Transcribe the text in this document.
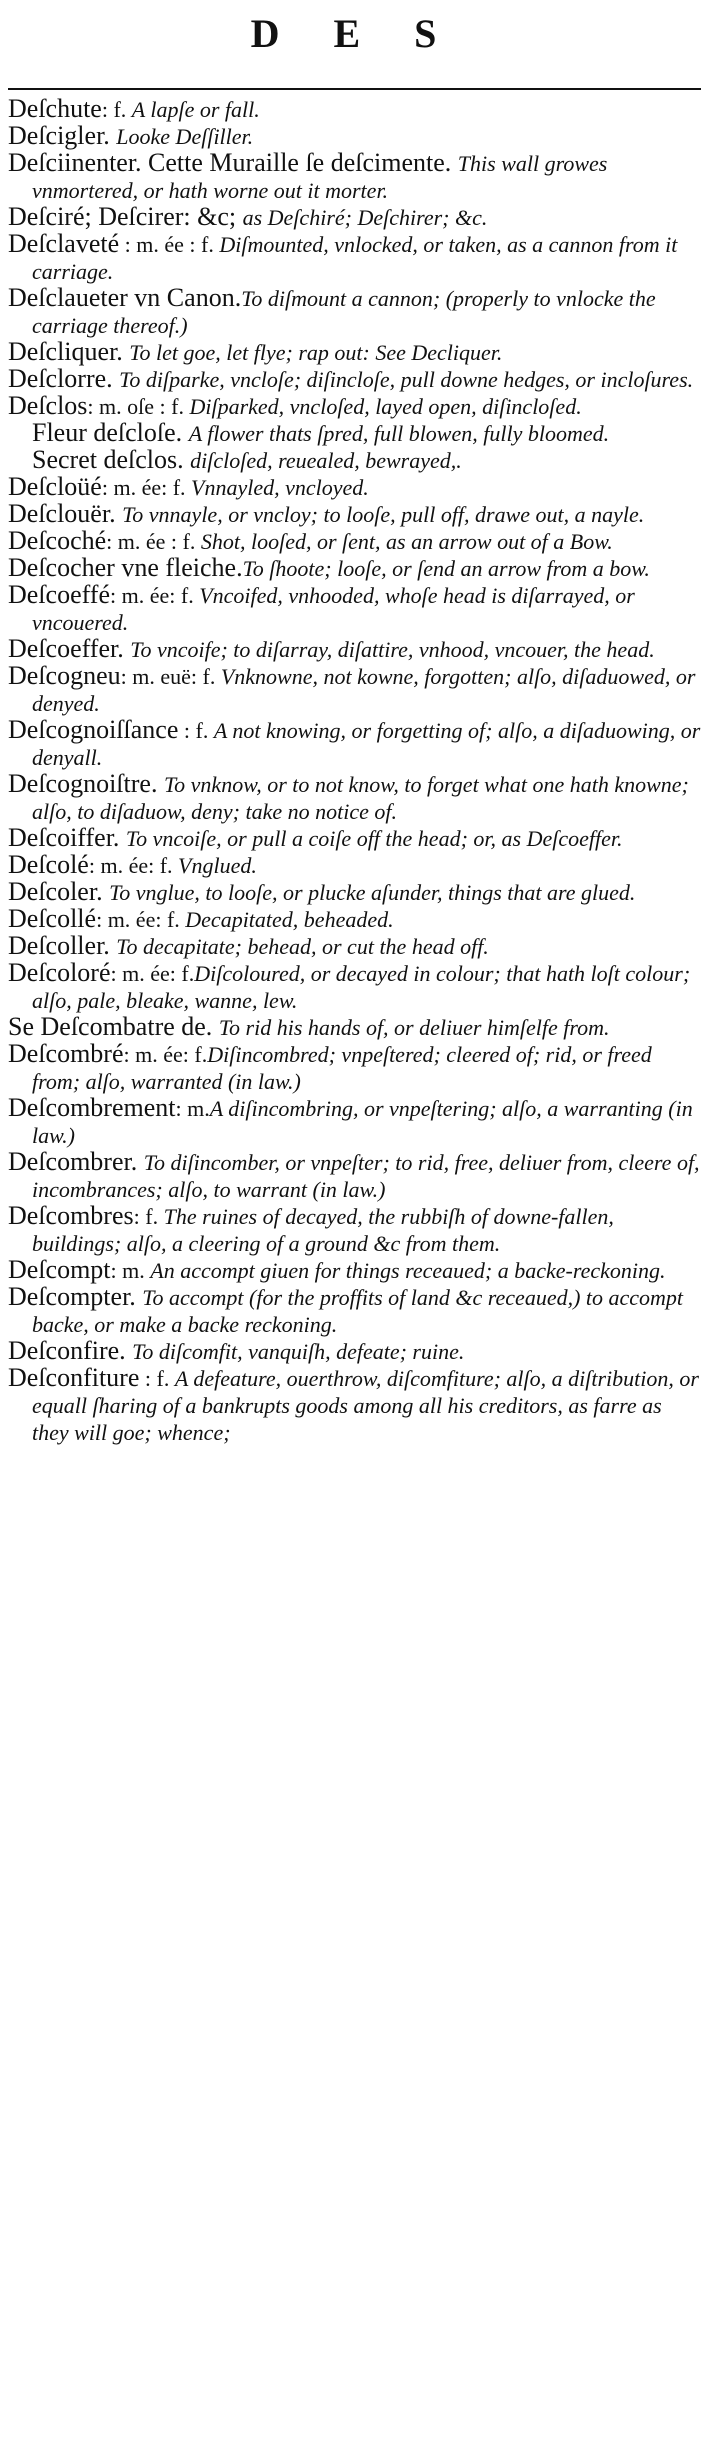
D E S

Deſchute: f. A lapſe or fall.

Deſcigler. Looke Deſſiller.

Deſciinenter. Cette Muraille ſe deſcimente. This wall growes vnmortered, or hath worne out it morter.

Deſciré; Deſcirer: &c; as Deſchiré; Deſchirer; &c.

Deſclaveté : m. ée : f. Diſmounted, vnlocked, or taken, as a cannon from it carriage.

Deſclaueter vn Canon.To diſmount a cannon; (properly to vnlocke the carriage thereof.)

Deſcliquer. To let goe, let flye; rap out: See Decliquer.

Deſclorre. To diſparke, vncloſe; diſincloſe, pull downe hedges, or incloſures.

Deſclos: m. oſe : f. Diſparked, vncloſed, layed open, diſincloſed.

Fleur deſcloſe. A flower thats ſpred, full blowen, fully bloomed.

Secret deſclos. diſcloſed, reuealed, bewrayed,.

Deſcloüé: m. ée: f. Vnnayled, vncloyed.

Deſclouër. To vnnayle, or vncloy; to looſe, pull off, drawe out, a nayle.

Deſcoché: m. ée : f. Shot, looſed, or ſent, as an arrow out of a Bow.

Deſcocher vne fleiche.To ſhoote; looſe, or ſend an arrow from a bow.

Deſcoeffé: m. ée: f. Vncoifed, vnhooded, whoſe head is diſarrayed, or vncouered.

Deſcoeffer. To vncoife; to diſarray, diſattire, vnhood, vncouer, the head.

Deſcogneu: m. euë: f. Vnknowne, not kowne, forgotten; alſo, diſaduowed, or denyed.

Deſcognoiſſance : f. A not knowing, or forgetting of; alſo, a diſaduowing, or denyall.

Deſcognoiſtre. To vnknow, or to not know, to forget what one hath knowne; alſo, to diſaduow, deny; take no notice of.

Deſcoiffer. To vncoiſe, or pull a coiſe off the head; or, as Deſcoeffer.

Deſcolé: m. ée: f. Vnglued.

Deſcoler. To vnglue, to looſe, or plucke aſunder, things that are glued.

Deſcollé: m. ée: f. Decapitated, beheaded.

Deſcoller. To decapitate; behead, or cut the head off.

Deſcoloré: m. ée: f.Diſcoloured, or decayed in colour; that hath loſt colour; alſo, pale, bleake, wanne, lew.

Se Deſcombatre de. To rid his hands of, or deliuer himſelfe from.

Deſcombré: m. ée: f.Diſincombred; vnpeſtered; cleered of; rid, or freed from; alſo, warranted (in law.)

Deſcombrement: m.A diſincombring, or vnpeſtering; alſo, a warranting (in law.)

Deſcombrer. To diſincomber, or vnpeſter; to rid, free, deliuer from, cleere of, incombrances; alſo, to warrant (in law.)

Deſcombres: f. The ruines of decayed, the rubbiſh of downe-fallen, buildings; alſo, a cleering of a ground &c from them.

Deſcompt: m. An accompt giuen for things receaued; a backe-reckoning.

Deſcompter. To accompt (for the proffits of land &c receaued,) to accompt backe, or make a backe reckoning.

Deſconfire. To diſcomfit, vanquiſh, defeate; ruine.

Deſconfiture : f. A defeature, ouerthrow, diſcomfiture; alſo, a diſtribution, or equall ſharing of a bankrupts goods among all his creditors, as farre as they will goe; whence;
